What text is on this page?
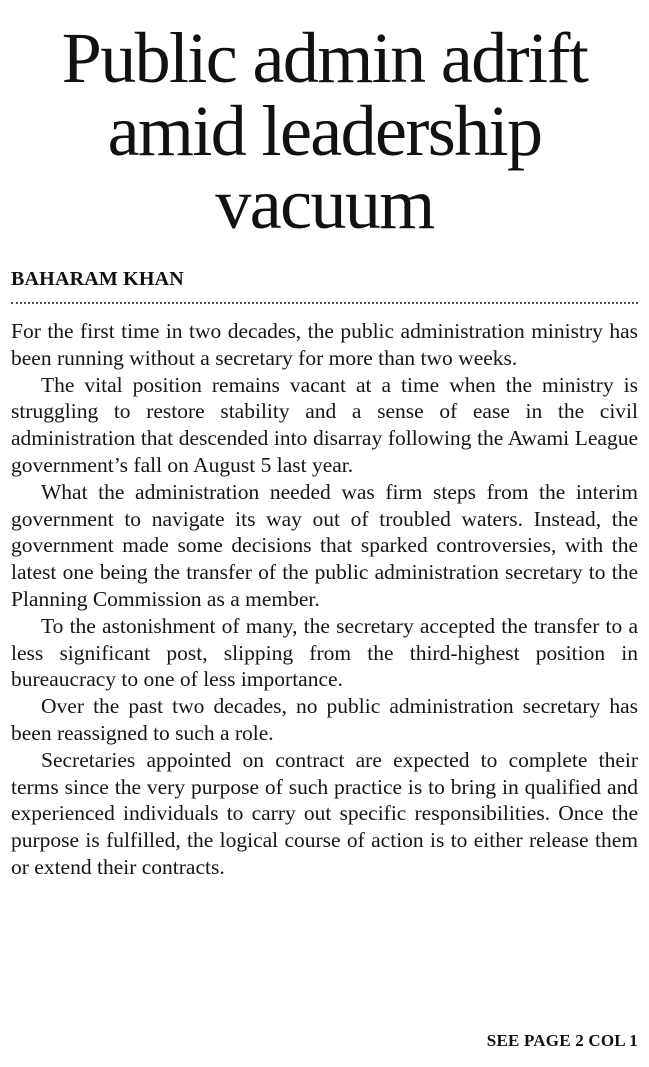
Public admin adrift
amid leadership
vacuum
BAHARAM KHAN

For the first time in two decades, the public administration ministry has been running without a secretary for more than two weeks.

The vital position remains vacant at a time when the ministry is struggling to restore stability and a sense of ease in the civil administration that descended into disarray following the Awami League government’s fall on August 5 last year.

What the administration needed was firm steps from the interim government to navigate its way out of troubled waters. Instead, the government made some decisions that sparked controversies, with the latest one being the transfer of the public administration secretary to the Planning Commission as a member.

To the astonishment of many, the secretary accepted the transfer to a less significant post, slipping from the third-highest position in bureaucracy to one of less importance.

Over the past two decades, no public administration secretary has been reassigned to such a role.

Secretaries appointed on contract are expected to complete their terms since the very purpose of such practice is to bring in qualified and experienced individuals to carry out specific responsibilities. Once the purpose is fulfilled, the logical course of action is to either release them or extend their contracts.

SEE PAGE 2 COL 1
